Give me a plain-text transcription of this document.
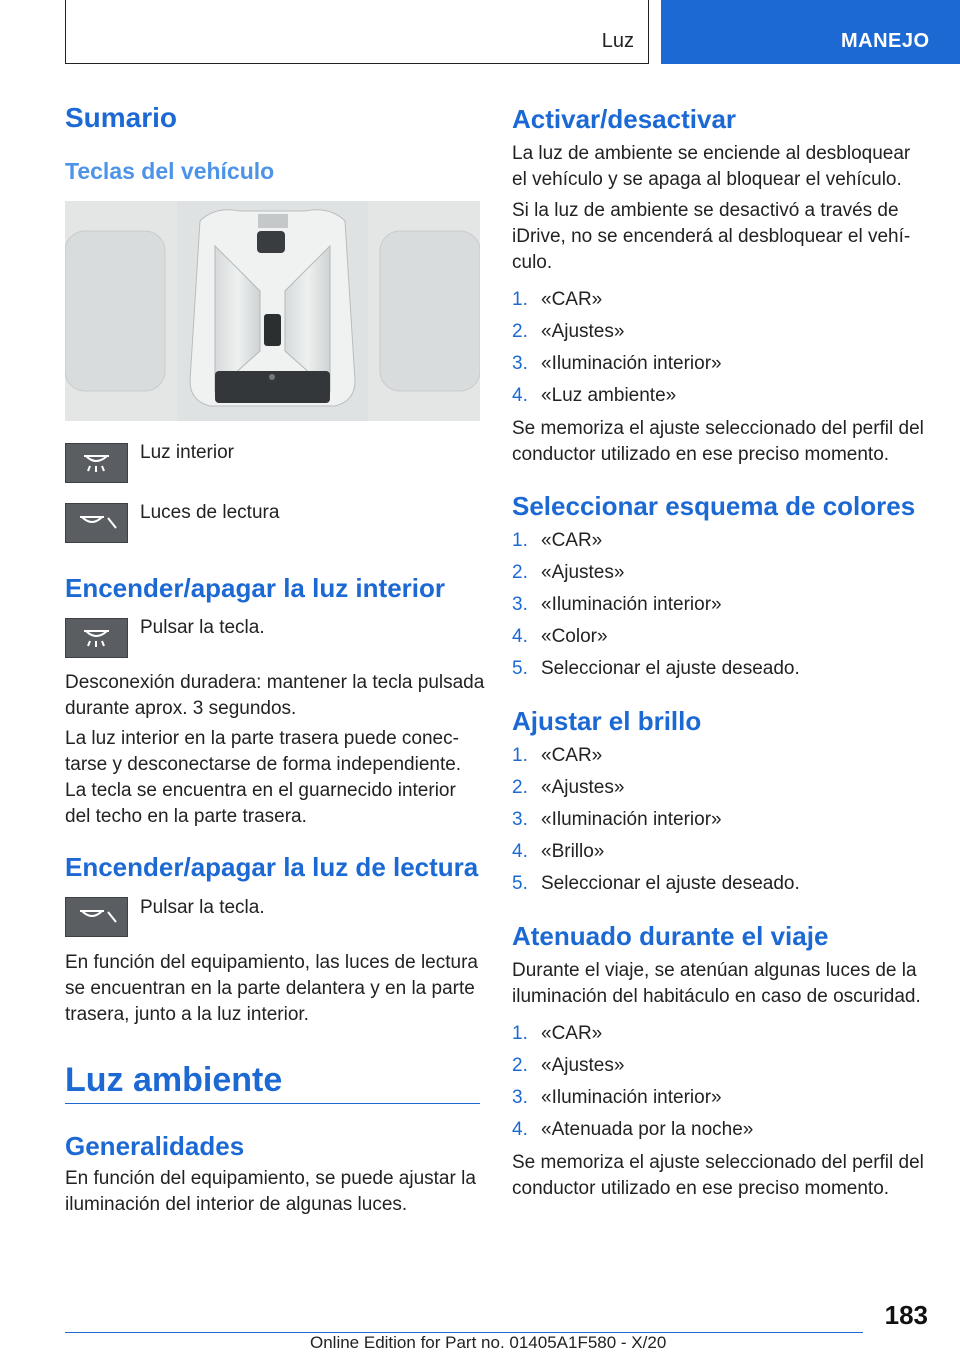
Luz	MANEJO
Sumario
Teclas del vehículo
Luz interior
Luces de lectura
Encender/apagar la luz interior
Pulsar la tecla.
Desconexión duradera: mantener la tecla pulsada
durante aprox. 3 segundos.
La luz interior en la parte trasera puede conec‐
tarse y desconectarse de forma independiente.
La tecla se encuentra en el guarnecido interior
del techo en la parte trasera.
Encender/apagar la luz de lectura
Pulsar la tecla.
En función del equipamiento, las luces de lectura
se encuentran en la parte delantera y en la parte
trasera, junto a la luz interior.
Luz ambiente
Generalidades
En función del equipamiento, se puede ajustar la
iluminación del interior de algunas luces.
Activar/desactivar
La luz de ambiente se enciende al desbloquear
el vehículo y se apaga al bloquear el vehículo.
Si la luz de ambiente se desactivó a través de
iDrive, no se encenderá al desbloquear el vehí‐
culo.
1. «CAR»
2. «Ajustes»
3. «Iluminación interior»
4. «Luz ambiente»
Se memoriza el ajuste seleccionado del perfil del
conductor utilizado en ese preciso momento.
Seleccionar esquema de colores
1. «CAR»
2. «Ajustes»
3. «Iluminación interior»
4. «Color»
5. Seleccionar el ajuste deseado.
Ajustar el brillo
1. «CAR»
2. «Ajustes»
3. «Iluminación interior»
4. «Brillo»
5. Seleccionar el ajuste deseado.
Atenuado durante el viaje
Durante el viaje, se atenúan algunas luces de la
iluminación del habitáculo en caso de oscuridad.
1. «CAR»
2. «Ajustes»
3. «Iluminación interior»
4. «Atenuada por la noche»
Se memoriza el ajuste seleccionado del perfil del
conductor utilizado en ese preciso momento.
183
Online Edition for Part no. 01405A1F580 - X/20
